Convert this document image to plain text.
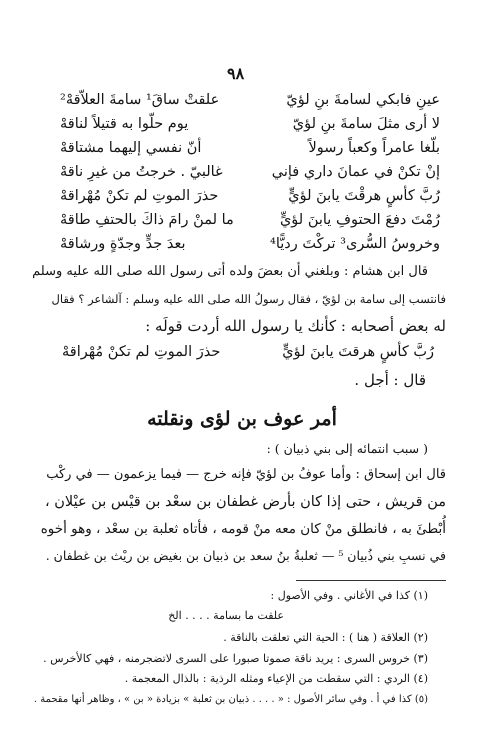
٩٨
عينِ فابكي لسامةَ بنِ لؤيّ
علقتْ ساقَ¹ سامةَ العلاّقهْ²
لا أرى مثلَ سامةَ بنِ لؤيّ
يوم حلّوا به قتيلاً لناقهْ
بلّغا عامراً وكعباً رسولاً
أنّ نفسي إليهما مشتاقهْ
إنْ تكنْ في عمانَ داري فإني
غالبيّ . خرجتُ من غيرِ ناقهْ
رُبَّ كأسٍ هرقْتَ يابنَ لؤيٍّ
حذرَ الموتِ لم تكنْ مُهْراقهْ
رُمْتَ دفعَ الحتوفِ يابنَ لؤيٍّ
ما لمنْ رامَ ذاكَ بالحتفِ طاقهْ
وخروسُ السُّرى³ تركْتَ رديًّا⁴
بعدَ جدٍّ وجدّةٍ ورشاقهْ
قال ابن هشام : وبلغني أن بعضَ ولده أتى رسول الله صلى الله عليه وسلم
فانتسب إلى سامة بن لؤيّ ، فقال رسولُ الله صلى الله عليه وسلم : آلشاعر ؟ فقال
له بعض أصحابه : كأنك يا رسول الله أردت قولَه :
رُبَّ كأسٍ هرقتَ يابنَ لؤيٍّ
حذرَ الموتِ لم تكنْ مُهْراقهْ
قال : أجل .
أمر عوف بن لؤى ونقلته
( سبب انتمائه إلى بني ذبيان ) :
قال ابن إسحاق : وأما عوفُ بن لؤيّ فإنه خرج — فيما يزعمون — في ركْب
من قريش ، حتى إذا كان بأرض غطفان بن سعْد بن قيْس بن عيْلان ،
أُبْطئَ به ، فانطلق منْ كان معه منْ قومه ، فأتاه ثعلبة بن سعْد ، وهو أخوه
في نسبِ بني ذُبيان ⁵ — ثعلبةُ بنُ سعد بن ذبيان بن بغيض بن ريْث بن غطفان .
(١) كذا في الأغاني . وفي الأصول :
علقت ما بسامة . . . . الخ
(٢) العلاقة ( هنا ) : الحية التي تعلقت بالناقة .
(٣) خروس السرى : يريد ناقة صموتا صبورا على السرى لاتضجرمنه ، فهي كالأخرس .
(٤) الردي : التي سقطت من الإعياء ومثله الرذية : بالذال المعجمة .
(٥) كذا في أ . وفي سائر الأصول : « . . . . ذبيان بن ثعلبة » بزيادة « بن » ، وظاهر أنها مقحمة .
